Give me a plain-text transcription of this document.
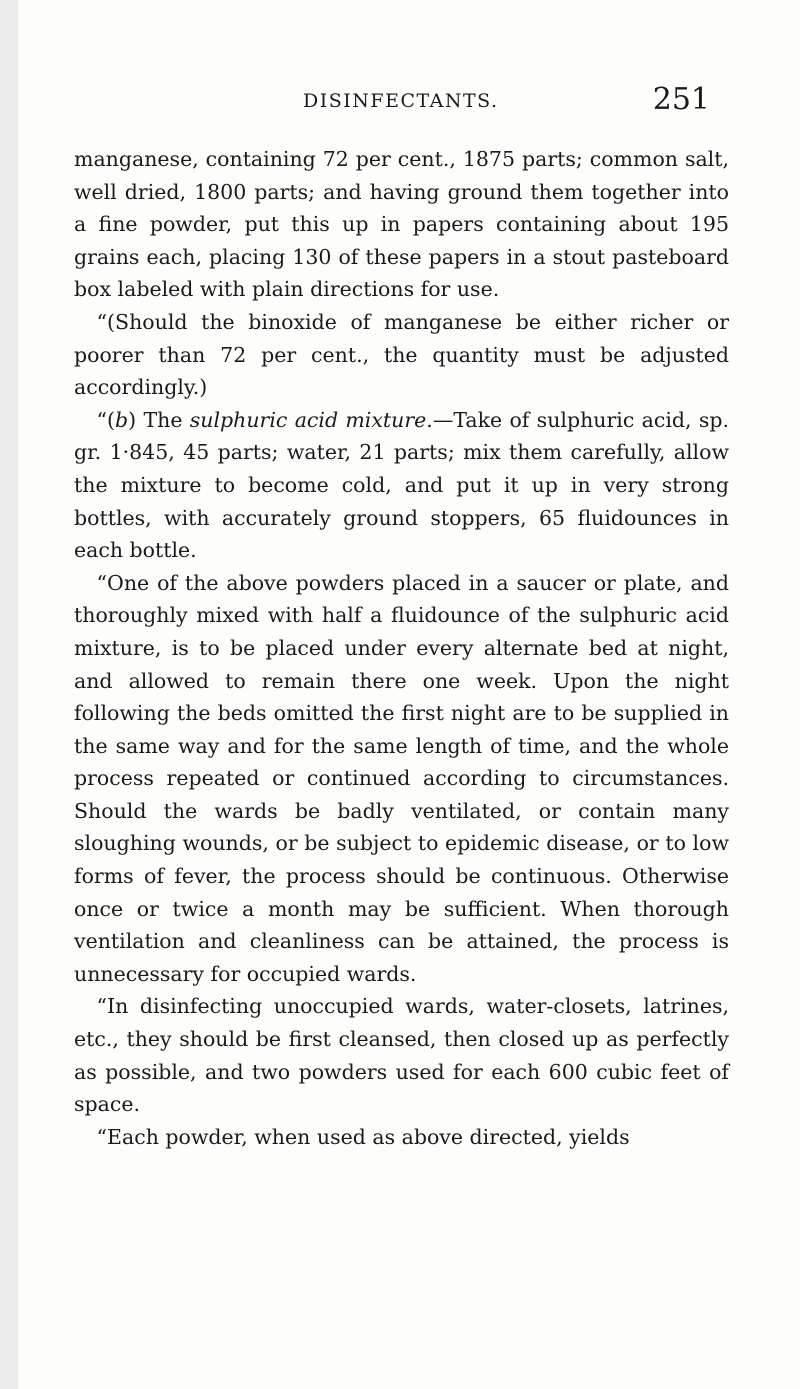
DISINFECTANTS.	251

manganese, containing 72 per cent., 1875 parts; common salt, well dried, 1800 parts; and having ground them together into a fine powder, put this up in papers containing about 195 grains each, placing 130 of these papers in a stout pasteboard box labeled with plain directions for use.

“(Should the binoxide of manganese be either richer or poorer than 72 per cent., the quantity must be adjusted accordingly.)

“(b) The sulphuric acid mixture.—Take of sulphuric acid, sp. gr. 1·845, 45 parts; water, 21 parts; mix them carefully, allow the mixture to become cold, and put it up in very strong bottles, with accurately ground stoppers, 65 fluidounces in each bottle.

“One of the above powders placed in a saucer or plate, and thoroughly mixed with half a fluidounce of the sulphuric acid mixture, is to be placed under every alternate bed at night, and allowed to remain there one week. Upon the night following the beds omitted the first night are to be supplied in the same way and for the same length of time, and the whole process repeated or continued according to circumstances. Should the wards be badly ventilated, or contain many sloughing wounds, or be subject to epidemic disease, or to low forms of fever, the process should be continuous. Otherwise once or twice a month may be sufficient. When thorough ventilation and cleanliness can be attained, the process is unnecessary for occupied wards.

“In disinfecting unoccupied wards, water-closets, latrines, etc., they should be first cleansed, then closed up as perfectly as possible, and two powders used for each 600 cubic feet of space.

“Each powder, when used as above directed, yields
